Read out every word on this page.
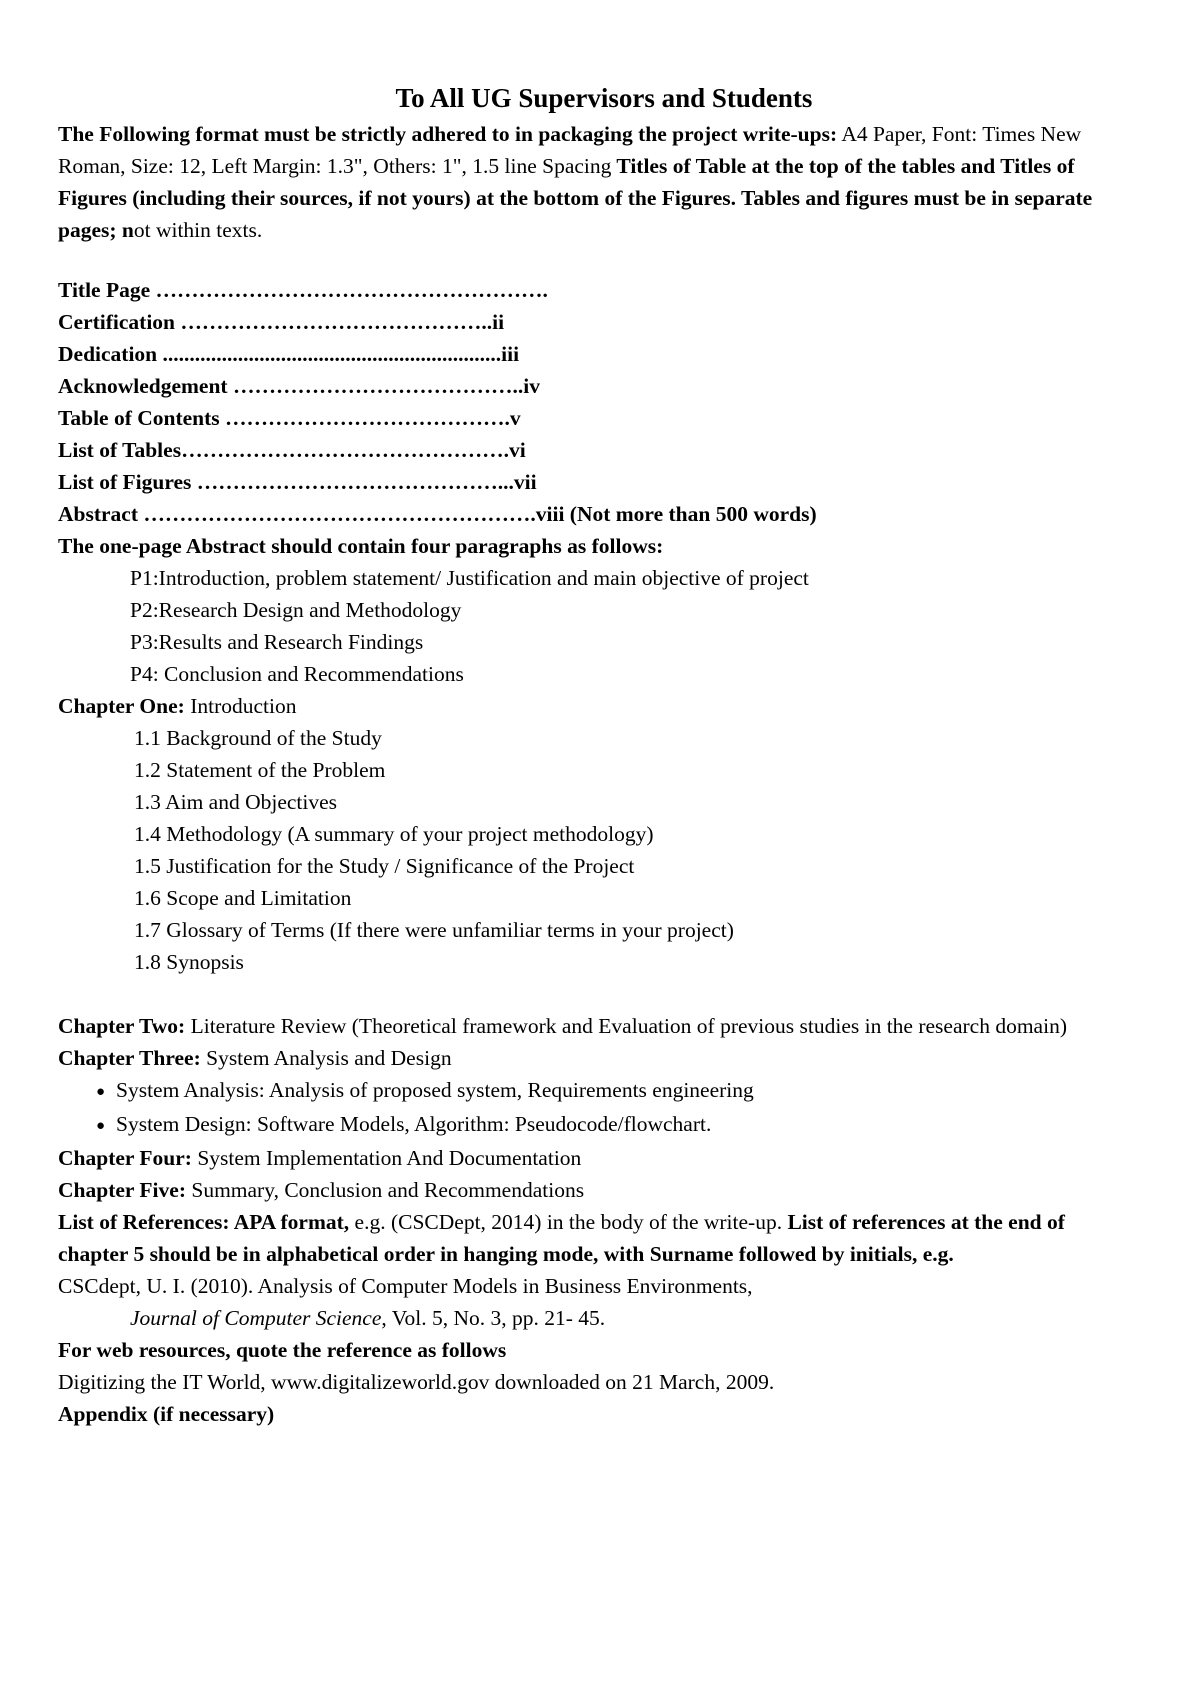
To All UG Supervisors and Students

The Following format must be strictly adhered to in packaging the project write-ups: A4 Paper, Font: Times New Roman, Size: 12, Left Margin: 1.3", Others: 1", 1.5 line Spacing Titles of Table at the top of the tables and Titles of Figures (including their sources, if not yours) at the bottom of the Figures. Tables and figures must be in separate pages; not within texts.

Title Page ……………………………………………….

Certification ……………………………………..ii

Dedication ...............................................................iii

Acknowledgement …………………………………..iv

Table of Contents ………………………………….v

List of Tables……………………………………….vi

List of Figures ……………………………………...vii

Abstract ……………………………………………….viii (Not more than 500 words)

The one-page Abstract should contain four paragraphs as follows:

P1:Introduction, problem statement/ Justification and main objective of project

P2:Research Design and Methodology

P3:Results and Research Findings

P4: Conclusion and Recommendations

Chapter One: Introduction

1.1 Background of the Study

1.2 Statement of the Problem

1.3 Aim and Objectives

1.4 Methodology (A summary of your project methodology)

1.5 Justification for the Study / Significance of the Project

1.6 Scope and Limitation

1.7 Glossary of Terms (If there were unfamiliar terms in your project)

1.8 Synopsis

Chapter Two: Literature Review (Theoretical framework and Evaluation of previous studies in the research domain)

Chapter Three: System Analysis and Design

● System Analysis: Analysis of proposed system, Requirements engineering

● System Design: Software Models, Algorithm: Pseudocode/flowchart.

Chapter Four: System Implementation And Documentation

Chapter Five: Summary, Conclusion and Recommendations

List of References: APA format, e.g. (CSCDept, 2014) in the body of the write-up. List of references at the end of chapter 5 should be in alphabetical order in hanging mode, with Surname followed by initials, e.g.

CSCdept, U. I. (2010). Analysis of Computer Models in Business Environments,

Journal of Computer Science, Vol. 5, No. 3, pp. 21- 45.

For web resources, quote the reference as follows

Digitizing the IT World, www.digitalizeworld.gov downloaded on 21 March, 2009.

Appendix (if necessary)
